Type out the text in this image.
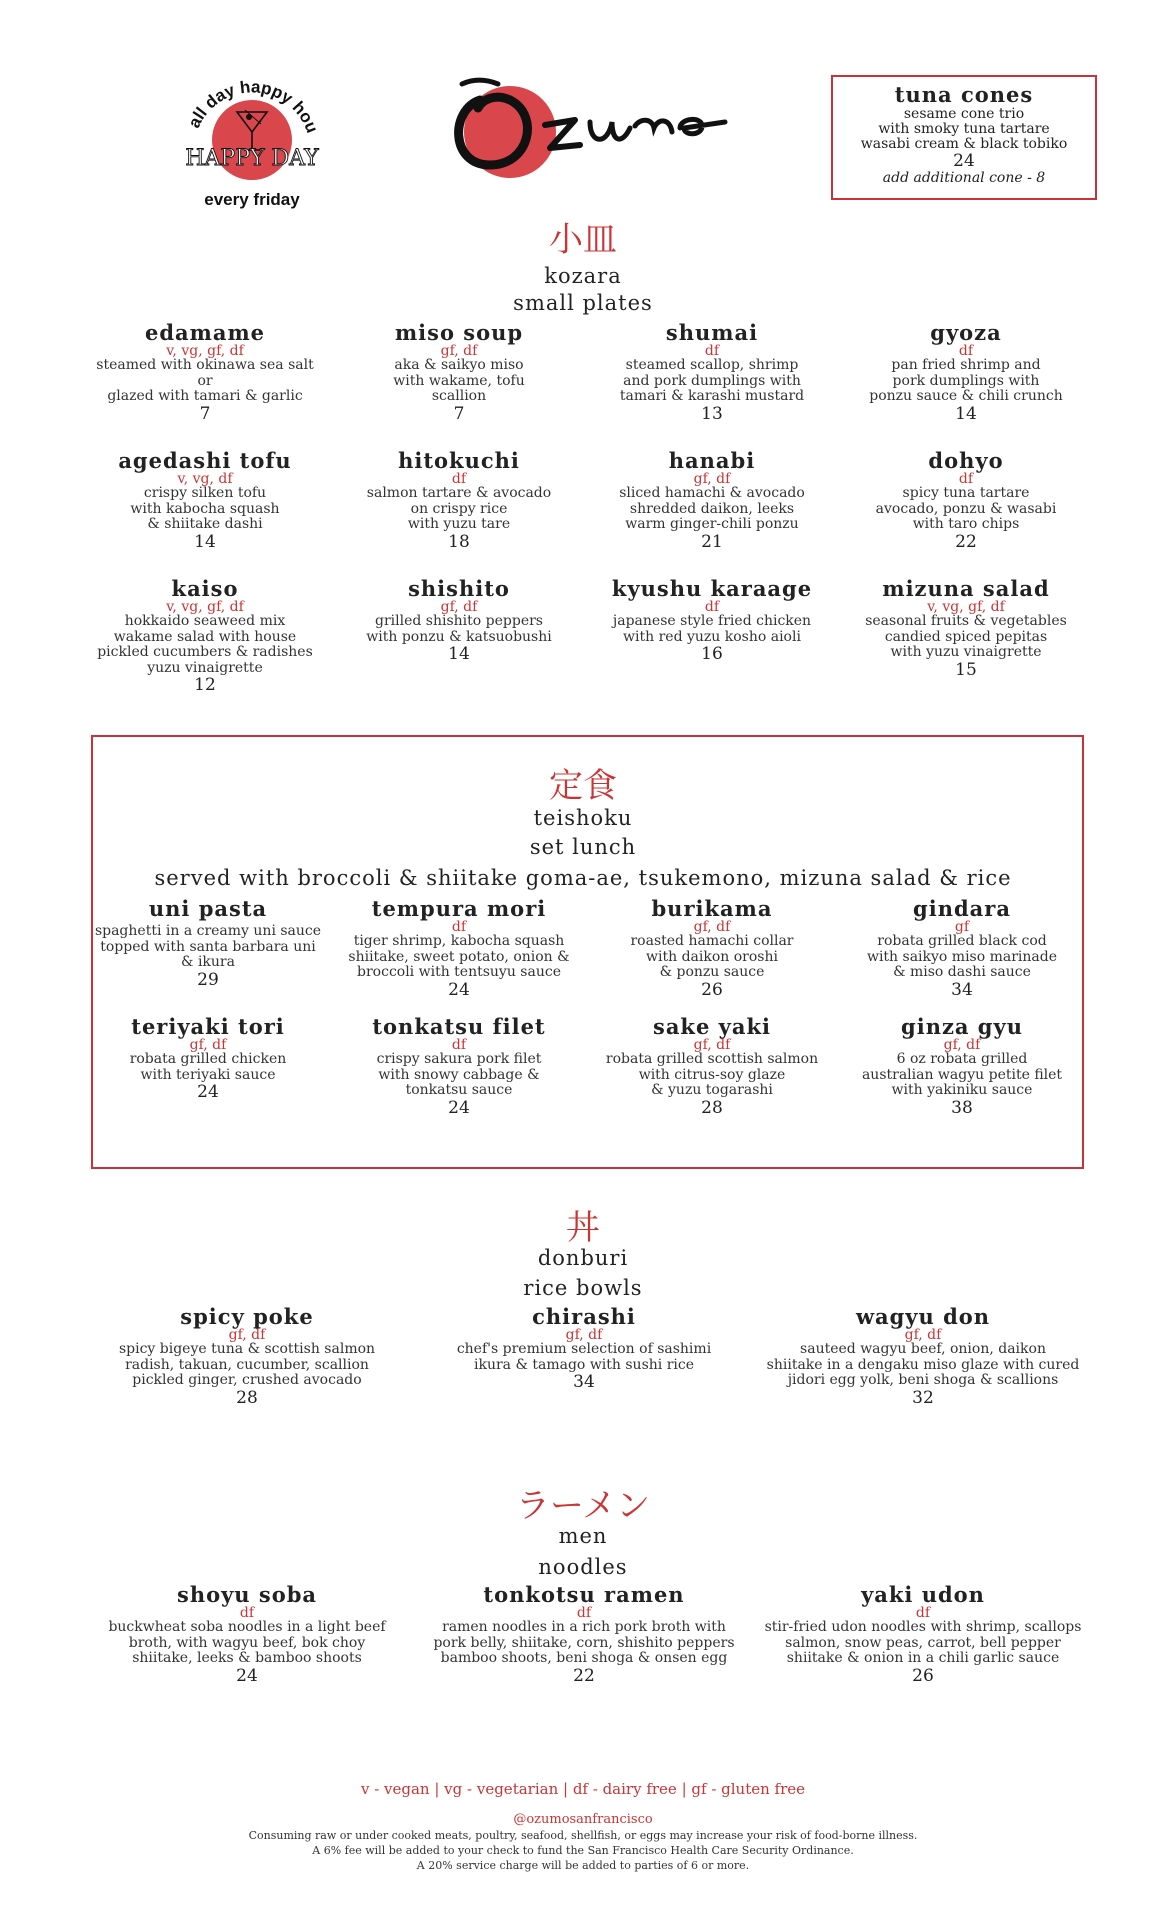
all day happy hou
HAPPY DAY
every friday
Ozumo
tuna cones
sesame cone trio
with smoky tuna tartare
wasabi cream & black tobiko
24
add additional cone - 8
小皿
kozara
small plates
edamame
v, vg, gf, df
steamed with okinawa sea salt
or
glazed with tamari & garlic
7
miso soup
gf, df
aka & saikyo miso
with wakame, tofu
scallion
7
shumai
df
steamed scallop, shrimp
and pork dumplings with
tamari & karashi mustard
13
gyoza
df
pan fried shrimp and
pork dumplings with
ponzu sauce & chili crunch
14
agedashi tofu
v, vg, df
crispy silken tofu
with kabocha squash
& shiitake dashi
14
hitokuchi
df
salmon tartare & avocado
on crispy rice
with yuzu tare
18
hanabi
gf, df
sliced hamachi & avocado
shredded daikon, leeks
warm ginger-chili ponzu
21
dohyo
df
spicy tuna tartare
avocado, ponzu & wasabi
with taro chips
22
kaiso
v, vg, gf, df
hokkaido seaweed mix
wakame salad with house
pickled cucumbers & radishes
yuzu vinaigrette
12
shishito
gf, df
grilled shishito peppers
with ponzu & katsuobushi
14
kyushu karaage
df
japanese style fried chicken
with red yuzu kosho aioli
16
mizuna salad
v, vg, gf, df
seasonal fruits & vegetables
candied spiced pepitas
with yuzu vinaigrette
15
定食
teishoku
set lunch
served with broccoli & shiitake goma-ae, tsukemono, mizuna salad & rice
uni pasta
spaghetti in a creamy uni sauce
topped with santa barbara uni
& ikura
29
tempura mori
df
tiger shrimp, kabocha squash
shiitake, sweet potato, onion &
broccoli with tentsuyu sauce
24
burikama
gf, df
roasted hamachi collar
with daikon oroshi
& ponzu sauce
26
gindara
gf
robata grilled black cod
with saikyo miso marinade
& miso dashi sauce
34
teriyaki tori
gf, df
robata grilled chicken
with teriyaki sauce
24
tonkatsu filet
df
crispy sakura pork filet
with snowy cabbage &
tonkatsu sauce
24
sake yaki
gf, df
robata grilled scottish salmon
with citrus-soy glaze
& yuzu togarashi
28
ginza gyu
gf, df
6 oz robata grilled
australian wagyu petite filet
with yakiniku sauce
38
丼
donburi
rice bowls
spicy poke
gf, df
spicy bigeye tuna & scottish salmon
radish, takuan, cucumber, scallion
pickled ginger, crushed avocado
28
chirashi
gf, df
chef's premium selection of sashimi
ikura & tamago with sushi rice
34
wagyu don
gf, df
sauteed wagyu beef, onion, daikon
shiitake in a dengaku miso glaze with cured
jidori egg yolk, beni shoga & scallions
32
ラーメン
men
noodles
shoyu soba
df
buckwheat soba noodles in a light beef
broth, with wagyu beef, bok choy
shiitake, leeks & bamboo shoots
24
tonkotsu ramen
df
ramen noodles in a rich pork broth with
pork belly, shiitake, corn, shishito peppers
bamboo shoots, beni shoga & onsen egg
22
yaki udon
df
stir-fried udon noodles with shrimp, scallops
salmon, snow peas, carrot, bell pepper
shiitake & onion in a chili garlic sauce
26
v - vegan | vg - vegetarian | df - dairy free | gf - gluten free
@ozumosanfrancisco
Consuming raw or under cooked meats, poultry, seafood, shellfish, or eggs may increase your risk of food-borne illness.
A 6% fee will be added to your check to fund the San Francisco Health Care Security Ordinance.
A 20% service charge will be added to parties of 6 or more.
